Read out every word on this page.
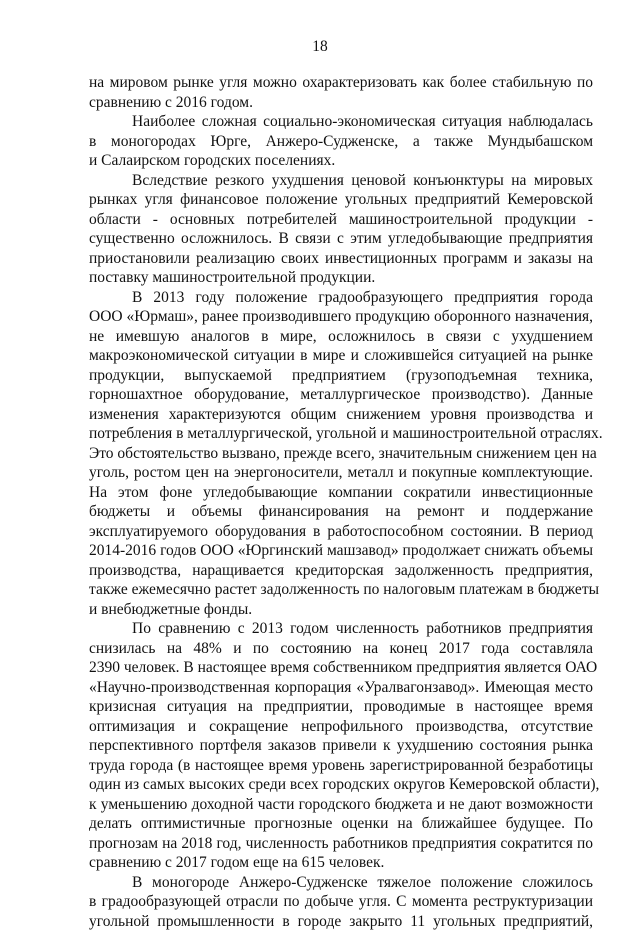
18
на мировом рынке угля можно охарактеризовать как более стабильную по
сравнению с 2016 годом.
Наиболее сложная социально-экономическая ситуация наблюдалась
в моногородах Юрге, Анжеро-Судженске, а также Мундыбашском
и Салаирском городских поселениях.
Вследствие резкого ухудшения ценовой конъюнктуры на мировых
рынках угля финансовое положение угольных предприятий Кемеровской
области - основных потребителей машиностроительной продукции -
существенно осложнилось. В связи с этим угледобывающие предприятия
приостановили реализацию своих инвестиционных программ и заказы на
поставку машиностроительной продукции.
В 2013 году положение градообразующего предприятия города
ООО «Юрмаш», ранее производившего продукцию оборонного назначения,
не имевшую аналогов в мире, осложнилось в связи с ухудшением
макроэкономической ситуации в мире и сложившейся ситуацией на рынке
продукции, выпускаемой предприятием (грузоподъемная техника,
горношахтное оборудование, металлургическое производство). Данные
изменения характеризуются общим снижением уровня производства и
потребления в металлургической, угольной и машиностроительной отраслях.
Это обстоятельство вызвано, прежде всего, значительным снижением цен на
уголь, ростом цен на энергоносители, металл и покупные комплектующие.
На этом фоне угледобывающие компании сократили инвестиционные
бюджеты и объемы финансирования на ремонт и поддержание
эксплуатируемого оборудования в работоспособном состоянии. В период
2014-2016 годов ООО «Юргинский машзавод» продолжает снижать объемы
производства, наращивается кредиторская задолженность предприятия,
также ежемесячно растет задолженность по налоговым платежам в бюджеты
и внебюджетные фонды.
По сравнению с 2013 годом численность работников предприятия
снизилась на 48% и по состоянию на конец 2017 года составляла
2390 человек. В настоящее время собственником предприятия является ОАО
«Научно-производственная корпорация «Уралвагонзавод». Имеющая место
кризисная ситуация на предприятии, проводимые в настоящее время
оптимизация и сокращение непрофильного производства, отсутствие
перспективного портфеля заказов привели к ухудшению состояния рынка
труда города (в настоящее время уровень зарегистрированной безработицы
один из самых высоких среди всех городских округов Кемеровской области),
к уменьшению доходной части городского бюджета и не дают возможности
делать оптимистичные прогнозные оценки на ближайшее будущее. По
прогнозам на 2018 год, численность работников предприятия сократится по
сравнению с 2017 годом еще на 615 человек.
В моногороде Анжеро-Судженске тяжелое положение сложилось
в градообразующей отрасли по добыче угля. С момента реструктуризации
угольной промышленности в городе закрыто 11 угольных предприятий,
